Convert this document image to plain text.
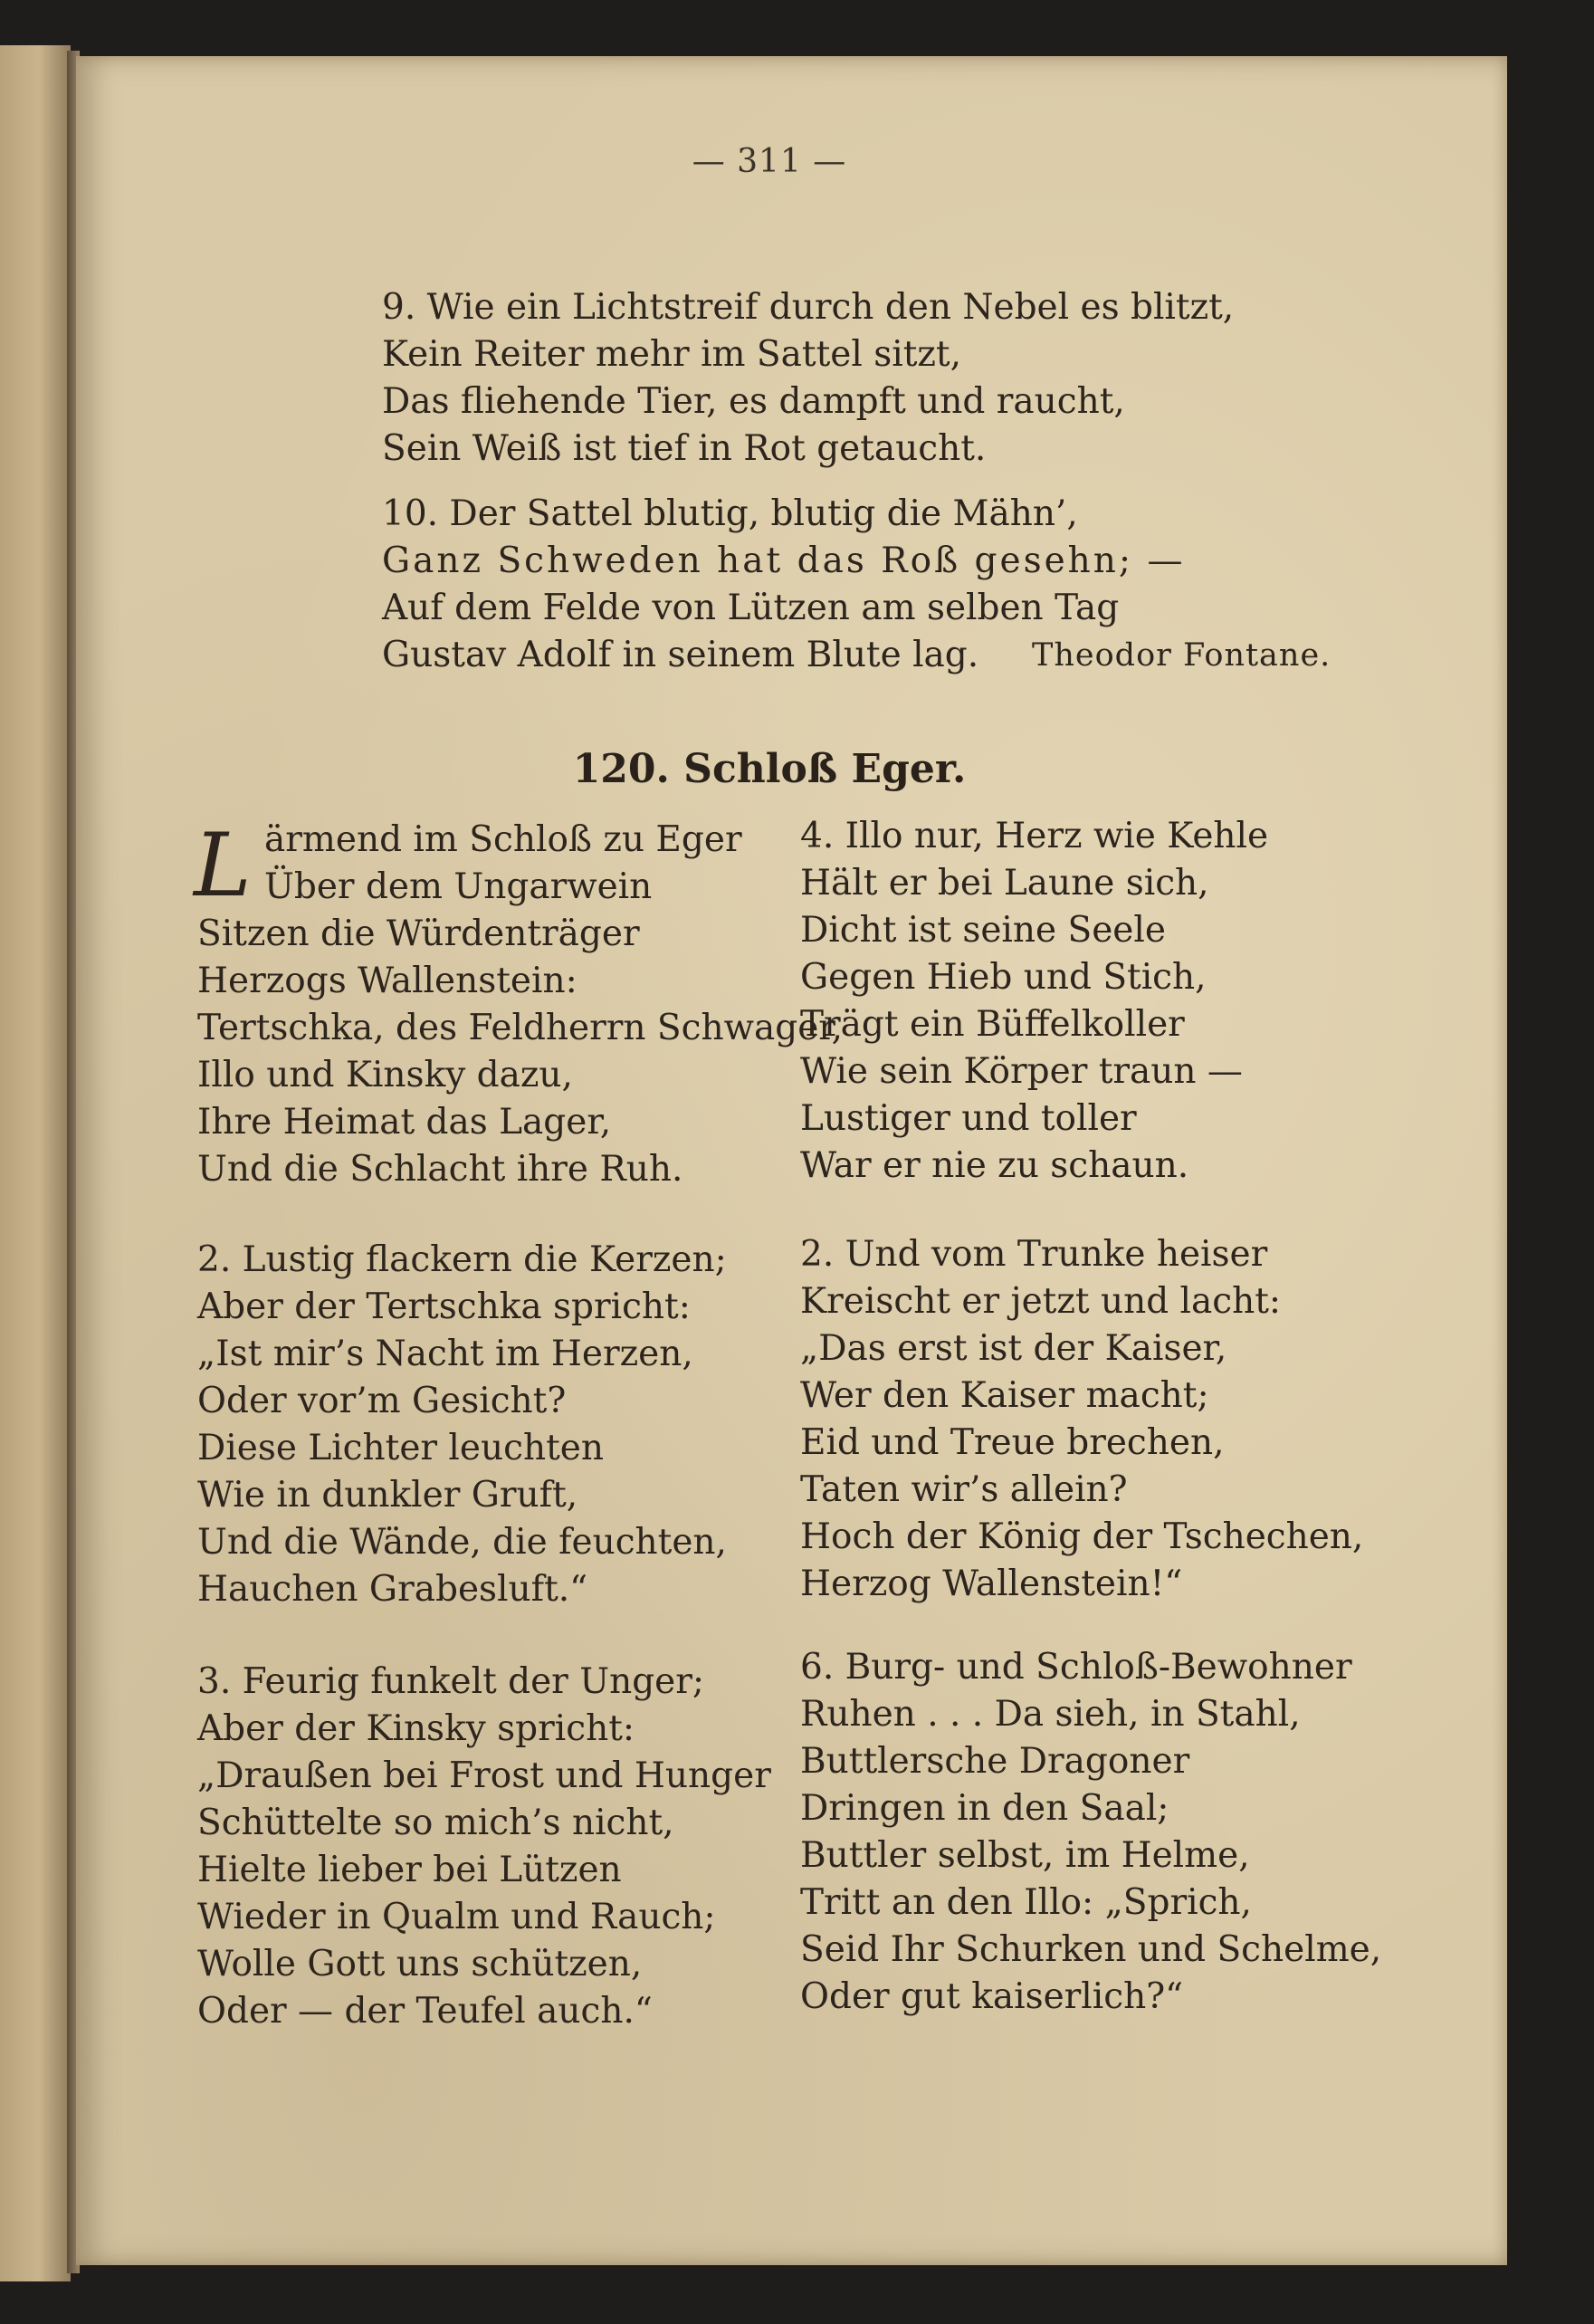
— 311 —
9. Wie ein Lichtstreif durch den Nebel es blitzt,
Kein Reiter mehr im Sattel sitzt,
Das fliehende Tier, es dampft und raucht,
Sein Weiß ist tief in Rot getaucht.
10. Der Sattel blutig, blutig die Mähn’,
Ganz Schweden hat das Roß gesehn; —
Auf dem Felde von Lützen am selben Tag
Gustav Adolf in seinem Blute lag. Theodor Fontane.
120. Schloß Eger.
L ärmend im Schloß zu Eger
Über dem Ungarwein
Sitzen die Würdenträger
Herzogs Wallenstein:
Tertschka, des Feldherrn Schwager,
Illo und Kinsky dazu,
Ihre Heimat das Lager,
Und die Schlacht ihre Ruh.
2. Lustig flackern die Kerzen;
Aber der Tertschka spricht:
„Ist mir’s Nacht im Herzen,
Oder vor’m Gesicht?
Diese Lichter leuchten
Wie in dunkler Gruft,
Und die Wände, die feuchten,
Hauchen Grabesluft.“
3. Feurig funkelt der Unger;
Aber der Kinsky spricht:
„Draußen bei Frost und Hunger
Schüttelte so mich’s nicht,
Hielte lieber bei Lützen
Wieder in Qualm und Rauch;
Wolle Gott uns schützen,
Oder — der Teufel auch.“
4. Illo nur, Herz wie Kehle
Hält er bei Laune sich,
Dicht ist seine Seele
Gegen Hieb und Stich,
Trägt ein Büffelkoller
Wie sein Körper traun —
Lustiger und toller
War er nie zu schaun.
2. Und vom Trunke heiser
Kreischt er jetzt und lacht:
„Das erst ist der Kaiser,
Wer den Kaiser macht;
Eid und Treue brechen,
Taten wir’s allein?
Hoch der König der Tschechen,
Herzog Wallenstein!“
6. Burg- und Schloß-Bewohner
Ruhen . . . Da sieh, in Stahl,
Buttlersche Dragoner
Dringen in den Saal;
Buttler selbst, im Helme,
Tritt an den Illo: „Sprich,
Seid Ihr Schurken und Schelme,
Oder gut kaiserlich?“
